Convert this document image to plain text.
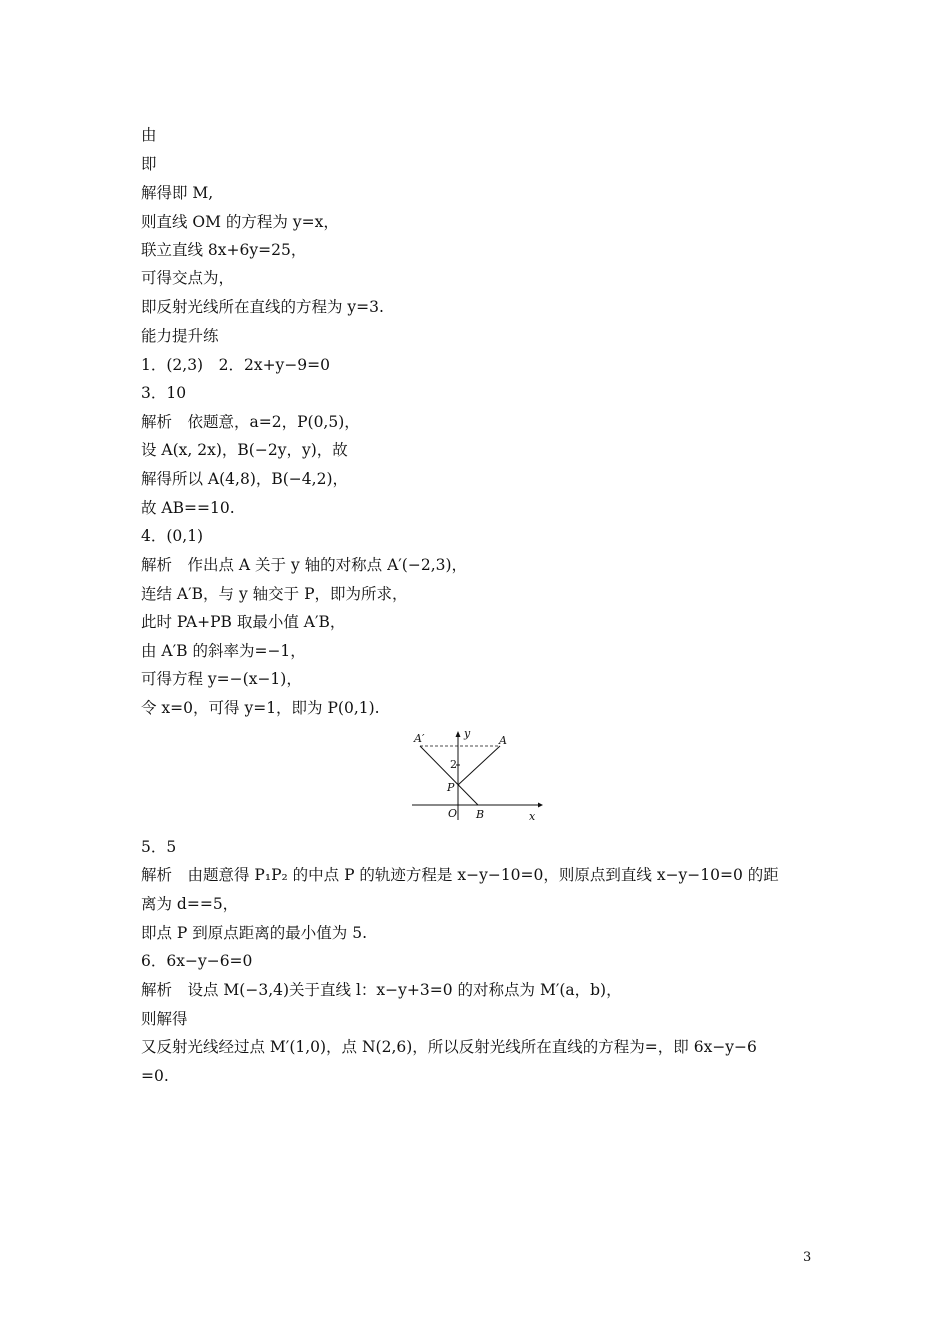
由
即
解得即 M,
则直线 OM 的方程为 y=x，
联立直线 8x+6y=25，
可得交点为，
即反射光线所在直线的方程为 y=3.
能力提升练
1．(2,3)　2．2x+y−9=0
3．10
解析　依题意，a=2，P(0,5)，
设 A(x, 2x)，B(−2y，y)，故
解得所以 A(4,8)，B(−4,2)，
故 AB==10.
4．(0,1)
解析　作出点 A 关于 y 轴的对称点 A′(−2,3)，
连结 A′B，与 y 轴交于 P，即为所求，
此时 PA+PB 取最小值 A′B，
由 A′B 的斜率为=−1，
可得方程 y=−(x−1)，
令 x=0，可得 y=1，即为 P(0,1).
A′	A
y
2
P
O B	x
5．5
解析　由题意得 P₁P₂ 的中点 P 的轨迹方程是 x−y−10=0，则原点到直线 x−y−10=0 的距
离为 d==5，
即点 P 到原点距离的最小值为 5.
6．6x−y−6=0
解析　设点 M(−3,4)关于直线 l：x−y+3=0 的对称点为 M′(a，b)，
则解得
又反射光线经过点 M′(1,0)，点 N(2,6)，所以反射光线所在直线的方程为=，即 6x−y−6
=0.
3
